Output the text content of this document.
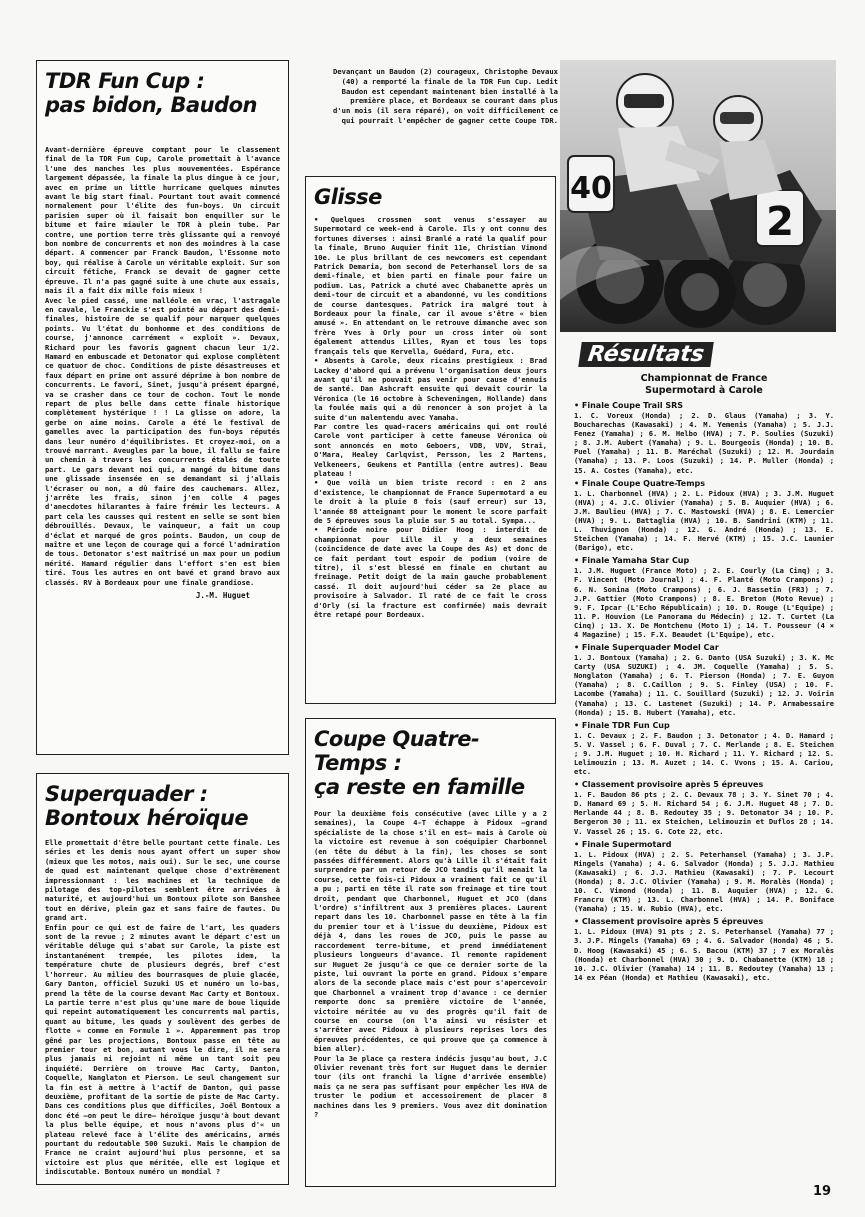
Devançant un Baudon (2) courageux, Christophe Devaux (40) a remporté la finale de la TDR Fun Cup. Ledit Baudon est cependant maintenant bien installé à la première place, et Bordeaux se courant dans plus d'un mois (il sera réparé), on voit difficilement ce qui pourrait l'empêcher de gagner cette Coupe TDR.

2
40
TDR Fun Cup :
pas bidon, Baudon

Avant-dernière épreuve comptant pour le classement final de la TDR Fun Cup, Carole promettait à l'avance l'une des manches les plus mouvementées. Espérance largement dépassée, la finale la plus dingue à ce jour, avec en prime un little hurricane quelques minutes avant le big start final. Pourtant tout avait commencé normalement pour l'élite des fun-boys. Un circuit parisien super où il faisait bon enquiller sur le bitume et faire miauler le TDR à plein tube. Par contre, une portion terre très glissante qui a renvoyé bon nombre de concurrents et non des moindres à la case départ. A commencer par Franck Baudon, l'Essonne moto boy, qui réalise à Carole un véritable exploit. Sur son circuit fétiche, Franck se devait de gagner cette épreuve. Il n'a pas gagné suite à une chute aux essais, mais il a fait dix mille fois mieux !
Avec le pied cassé, une malléole en vrac, l'astragale en cavale, le Franckie s'est pointé au départ des demi-finales, histoire de se qualif pour marquer quelques points. Vu l'état du bonhomme et des conditions de course, j'annonce carrément « exploit ». Devaux, Richard pour les favoris gagnent chacun leur 1/2. Hamard en embuscade et Detonator qui explose complètent ce quatuor de choc. Conditions de piste désastreuses et faux départ en prime ont assuré déprime à bon nombre de concurrents. Le favori, Sinet, jusqu'à présent épargné, va se crasher dans ce tour de cochon. Tout le monde repart de plus belle dans cette finale historique complètement hystérique ! ! La glisse on adore, la gerbe on aime moins. Carole a été le festival de gamelles avec la participation des fun-boys réputés dans leur numéro d'équilibristes. Et croyez-moi, on a trouvé marrant. Aveugles par la boue, il fallu se faire un chemin à travers les concurrents étalés de toute part. Le gars devant moi qui, a mangé du bitume dans une glissade insensée en se demandant si j'allais l'écraser ou non, a dû faire des cauchemars. Allez, j'arrête les frais, sinon j'en colle 4 pages d'anecdotes hilarantes à faire frémir les lecteurs. A part cela les causses qui restent en selle se sont bien débrouillés. Devaux, le vainqueur, a fait un coup d'éclat et marqué de gros points. Baudon, un coup de maître et une leçon de courage qui a forcé l'admiration de tous. Detonator s'est maîtrisé un max pour un podium mérité. Hamard régulier dans l'effort s'en est bien tiré. Tous les autres en ont bavé et grand bravo aux classés. RV à Bordeaux pour une finale grandiose.

J.-M. Huguet
Glisse

• Quelques crossmen sont venus s'essayer au Supermotard ce week-end à Carole. Ils y ont connu des fortunes diverses : ainsi Branlé a raté la qualif pour la finale, Bruno Auquier finit 11e, Christian Vimond 10e. Le plus brillant de ces newcomers est cependant Patrick Demaria, bon second de Peterhansel lors de sa demi-finale, et bien parti en finale pour faire un podium. Las, Patrick a chuté avec Chabanette après un demi-tour de circuit et a abandonné, vu les conditions de course dantesques. Patrick ira malgré tout à Bordeaux pour la finale, car il avoue s'être « bien amusé ». En attendant on le retrouve dimanche avec son frère Yves à Orly pour un cross inter où sont également attendus Lilles, Ryan et tous les tops français tels que Kervella, Guédard, Fura, etc.
• Absents à Carole, deux ricains prestigieux : Brad Lackey d'abord qui a prévenu l'organisation deux jours avant qu'il ne pouvait pas venir pour cause d'ennuis de santé. Dan Ashcraft ensuite qui devait courir la Véronica (le 16 octobre à Scheveningen, Hollande) dans la foulée mais qui a dû renoncer à son projet à la suite d'un malentendu avec Yamaha.
Par contre les quad-racers américains qui ont roulé Carole vont participer à cette fameuse Véronica où sont annoncés en moto Geboers, VDB, VDV, Strai, O'Mara, Healey Carlqvist, Persson, les 2 Martens, Velkeneers, Geukens et Pantilla (entre autres). Beau plateau !
• Que voilà un bien triste record : en 2 ans d'existence, le championnat de France Supermotard a eu le droit à la pluie 8 fois (sauf erreur) sur 13, l'année 88 atteignant pour le moment le score parfait de 5 épreuves sous la pluie sur 5 au total. Sympa...
• Période noire pour Didier Hoog : interdit de championnat pour Lille il y a deux semaines (coïncidence de date avec la Coupe des As) et donc de ce fait perdant tout espoir de podium (voire de titre), il s'est blessé en finale en chutant au freinage. Petit doigt de la main gauche probablement cassé. Il doit aujourd'hui céder sa 2e place au provisoire à Salvador. Il raté de ce fait le cross d'Orly (si la fracture est confirmée) mais devrait être retapé pour Bordeaux.

Superquader :
Bontoux héroïque

Elle promettait d'être belle pourtant cette finale. Les séries et les demis nous ayant offert un super show (mieux que les motos, mais oui). Sur le sec, une course de quad est maintenant quelque chose d'extrêmement impressionnant : les machines et la technique de pilotage des top-pilotes semblent être arrivées à maturité, et aujourd'hui un Bontoux pilote son Banshee tout en dérive, plein gaz et sans faire de fautes. Du grand art.
Enfin pour ce qui est de faire de l'art, les quaders sont de la revue ; 2 minutes avant le départ c'est un véritable déluge qui s'abat sur Carole, la piste est instantanément trempée, les pilotes idem, la température chute de plusieurs degrés, bref c'est l'horreur. Au milieu des bourrasques de pluie glacée, Gary Danton, officiel Suzuki US et numéro un lo-bas, prend la tête de la course devant Mac Carty et Bontoux. La partie terre n'est plus qu'une mare de boue liquide qui repeint automatiquement les concurrents mal partis, quant au bitume, les quads y soulèvent des gerbes de flotte « comme en Formule 1 ». Apparemment pas trop gêné par les projections, Bontoux passe en tête au premier tour et bon, autant vous le dire, il ne sera plus jamais ni rejoint ni même un tant soit peu inquiété. Derrière on trouve Mac Carty, Danton, Coquelle, Nanglaton et Pierson. Le seul changement sur la fin est à mettre à l'actif de Danton, qui passe deuxième, profitant de la sortie de piste de Mac Carty. Dans ces conditions plus que difficiles, Joël Bontoux a donc été —on peut le dire— héroïque jusqu'à bout devant la plus belle équipe, et nous n'avons plus d'« un plateau relevé face à l'élite des américains, armés pourtant du redoutable 500 Suzuki. Mais le champion de France ne craint aujourd'hui plus personne, et sa victoire est plus que méritée, elle est logique et indiscutable. Bontoux numéro un mondial ?

Coupe Quatre-Temps :
ça reste en famille

Pour la deuxième fois consécutive (avec Lille y a 2 semaines), la Coupe 4-T échappe à Pidoux —grand spécialiste de la chose s'il en est— mais à Carole où la victoire est revenue à son coéquipier Charbonnel (en tête du début à la fin), les choses se sont passées différemment. Alors qu'à Lille il s'était fait surprendre par un retour de JCO tandis qu'il menait la course, cette fois-ci Pidoux a vraiment fait ce qu'il a pu ; parti en tête il rate son freinage et tire tout droit, pendant que Charbonnel, Huguet et JCO (dans l'ordre) s'infiltrent aux 3 premières places. Laurent repart dans les 10. Charbonnel passe en tête à la fin du premier tour et à l'issue du deuxième, Pidoux est déjà 4, dans les roues de JCO, puis le passe au raccordement terre-bitume, et prend immédiatement plusieurs longueurs d'avance. Il remonte rapidement sur Huguet 2e jusqu'à ce que ce dernier sorte de la piste, lui ouvrant la porte en grand. Pidoux s'empare alors de la seconde place mais c'est pour s'apercevoir que Charbonnel a vraiment trop d'avance : ce dernier remporte donc sa première victoire de l'année, victoire méritée au vu des progrès qu'il fait de course en course (on l'a ainsi vu résister et s'arrêter avec Pidoux à plusieurs reprises lors des épreuves précédentes, ce qui prouve que ça commence à bien aller).
Pour la 3e place ça restera indécis jusqu'au bout, J.C Olivier revenant très fort sur Huguet dans le dernier tour (ils ont franchi la ligne d'arrivée ensemble) mais ça ne sera pas suffisant pour empêcher les HVA de truster le podium et accessoirement de placer 8 machines dans les 9 premiers. Vous avez dit domination ?

Résultats

Championnat de France
Supermotard à Carole

• Finale Coupe Trail SRS

1. C. Voreux (Honda) ; 2. D. Glaus (Yamaha) ; 3. Y. Boucharechas (Kawasaki) ; 4. M. Yemenis (Yamaha) ; 5. J.J. Fenez (Yamaha) ; 6. M. Helbo (HVA) ; 7. P. Soulies (Suzuki) ; 8. J.M. Aubert (Yamaha) ; 9. L. Bourgeois (Honda) ; 10. B. Puel (Yamaha) ; 11. B. Maréchal (Suzuki) ; 12. M. Jourdain (Yamaha) ; 13. P. Loos (Suzuki) ; 14. P. Muller (Honda) ; 15. A. Costes (Yamaha), etc.

• Finale Coupe Quatre-Temps

1. L. Charbonnel (HVA) ; 2. L. Pidoux (HVA) ; 3. J.M. Huguet (HVA) ; 4. J.C. Olivier (Yamaha) ; 5. B. Auquier (HVA) ; 6. J.M. Baulieu (HVA) ; 7. C. Mastowski (HVA) ; 8. E. Lemercier (HVA) ; 9. L. Battaglia (HVA) ; 10. B. Sandrini (KTM) ; 11. L. Thuvignon (Honda) ; 12. G. André (Honda) ; 13. E. Steichen (Yamaha) ; 14. F. Hervé (KTM) ; 15. J.C. Launier (Barigo), etc.

• Finale Yamaha Star Cup

1. J.M. Huguet (France Moto) ; 2. E. Courly (La Cinq) ; 3. F. Vincent (Moto Journal) ; 4. F. Planté (Moto Crampons) ; 6. N. Sonina (Moto Crampons) ; 6. J. Bassetin (FR3) ; 7. J.P. Gattier (Moto Crampons) ; 8. E. Breton (Moto Revue) ; 9. F. Ipcar (L'Echo Républicain) ; 10. D. Rouge (L'Equipe) ; 11. P. Houvion (Le Panorama du Médecin) ; 12. T. Curtet (La Cinq) ; 13. X. De Montchenu (Moto 1) ; 14. T. Pousseur (4 × 4 Magazine) ; 15. F.X. Beaudet (L'Equipe), etc.

• Finale Superquader Model Car

1. J. Bontoux (Yamaha) ; 2. G. Danto (USA Suzuki) ; 3. K. Mc Carty (USA SUZUKI) ; 4. JM. Coquelle (Yamaha) ; 5. S. Nonglaton (Yamaha) ; 6. T. Pierson (Honda) ; 7. E. Guyon (Yamaha) ; 8. C.Caillon ; 9. S. Finley (USA) ; 10. F. Lacombe (Yamaha) ; 11. C. Souillard (Suzuki) ; 12. J. Voirin (Yamaha) ; 13. C. Lastenet (Suzuki) ; 14. P. Armabessaire (Honda) ; 15. B. Hubert (Yamaha), etc.

• Finale TDR Fun Cup

1. C. Devaux ; 2. F. Baudon ; 3. Detonator ; 4. D. Hamard ; 5. V. Vassel ; 6. F. Duval ; 7. C. Merlande ; 8. E. Steichen ; 9. J.M. Huguet ; 10. H. Richard ; 11. Y. Richard ; 12. S. Lelimouzin ; 13. M. Auzet ; 14. C. Vvons ; 15. A. Cariou, etc.

• Classement provisoire après 5 épreuves

1. F. Baudon 86 pts ; 2. C. Devaux 78 ; 3. Y. Sinet 70 ; 4. D. Hamard 69 ; 5. H. Richard 54 ; 6. J.M. Huguet 48 ; 7. D. Merlande 44 ; 8. B. Redoutey 35 ; 9. Detonator 34 ; 10. P. Bergeron 30 ; 11. ex Steichen, Lelimouzin et Duflos 28 ; 14. V. Vassel 26 ; 15. G. Cote 22, etc.

• Finale Supermotard

1. L. Pidoux (HVA) ; 2. S. Peterhansel (Yamaha) ; 3. J.P. Mingels (Yamaha) ; 4. G. Salvador (Honda) ; 5. J.J. Mathieu (Kawasaki) ; 6. J.J. Mathieu (Kawasaki) ; 7. P. Lecourt (Honda) ; 8. J.C. Olivier (Yamaha) ; 9. M. Moralès (Honda) ; 10. C. Vimond (Honda) ; 11. B. Auquier (HVA) ; 12. G. Francru (KTM) ; 13. L. Charbonnel (HVA) ; 14. P. Boniface (Yamaha) ; 15. W. Rubio (HVA), etc.

• Classement provisoire après 5 épreuves

1. L. Pidoux (HVA) 91 pts ; 2. S. Peterhansel (Yamaha) 77 ; 3. J.P. Mingels (Yamaha) 69 ; 4. G. Salvador (Honda) 46 ; 5. D. Hoog (Kawasaki) 45 ; 6. S. Bacou (KTM) 37 ; 7 ex Moralès (Honda) et Charbonnel (HVA) 30 ; 9. D. Chabanette (KTM) 18 ; 10. J.C. Olivier (Yamaha) 14 ; 11. B. Redoutey (Yamaha) 13 ; 14 ex Péan (Honda) et Mathieu (Kawasaki), etc.

19
